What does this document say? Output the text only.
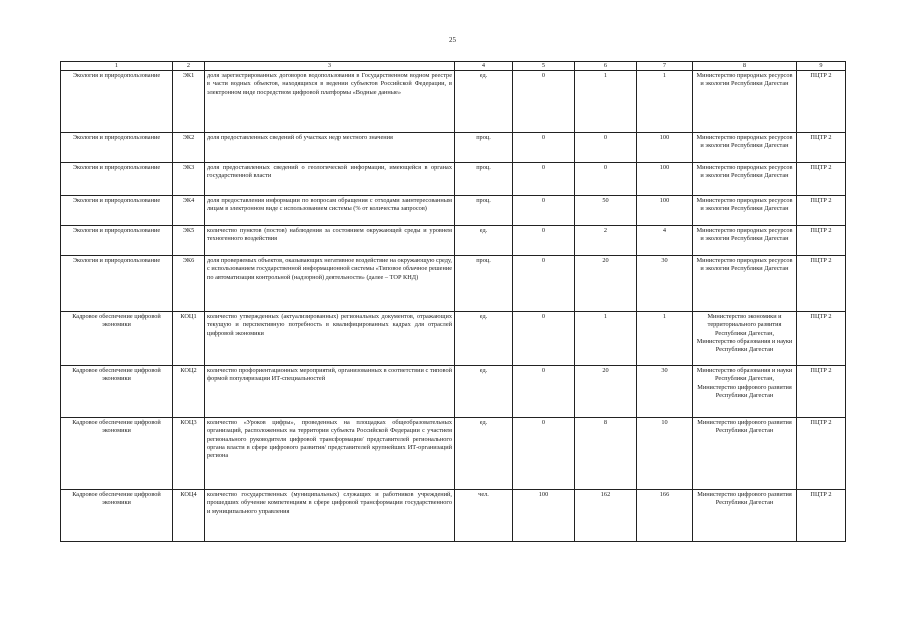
25
1	2	3	4	5	6	7	8	9
Экология и природопользование	ЭК1	доля зарегистрированных договоров водопользования в Государственном водном реестре в части водных объектов, находящихся в ведении субъектов Российской Федерации, в электронном виде посредством цифровой платформы «Водные данные»	ед.	0	1	1	Министерство природных ресурсов и экологии Республики Дагестан	ПЦТР 2
Экология и природопользование	ЭК2	доля предоставленных сведений об участках недр местного значения	проц.	0	0	100	Министерство природных ресурсов и экологии Республики Дагестан	ПЦТР 2
Экология и природопользование	ЭК3	доля предоставленных сведений о геологической информации, имеющейся в органах государственной власти	проц.	0	0	100	Министерство природных ресурсов и экологии Республики Дагестан	ПЦТР 2
Экология и природопользование	ЭК4	доля предоставления информации по вопросам обращения с отходами заинтересованным лицам в электронном виде с использованием системы (% от количества запросов)	проц.	0	50	100	Министерство природных ресурсов и экологии Республики Дагестан	ПЦТР 2
Экология и природопользование	ЭК5	количество пунктов (постов) наблюдения за состоянием окружающей среды и уровнем техногенного воздействия	ед.	0	2	4	Министерство природных ресурсов и экологии Республики Дагестан	ПЦТР 2
Экология и природопользование	ЭК6	доля проверяемых объектов, оказывающих негативное воздействие на окружающую среду, с использованием государственной информационной системы «Типовое облачное решение по автоматизации контрольной (надзорной) деятельности» (далее – ТОР КНД)	проц.	0	20	30	Министерство природных ресурсов и экологии Республики Дагестан	ПЦТР 2
Кадровое обеспечение цифровой экономики	КОЦ1	количество утвержденных (актуализированных) региональных документов, отражающих текущую и перспективную потребность в квалифицированных кадрах для отраслей цифровой экономики	ед.	0	1	1	Министерство экономики и территориального развития Республики Дагестан, Министерство образования и науки Республики Дагестан	ПЦТР 2
Кадровое обеспечение цифровой экономики	КОЦ2	количество профориентационных мероприятий, организованных в соответствии с типовой формой популяризации ИТ-специальностей	ед.	0	20	30	Министерство образования и науки Республики Дагестан, Министерство цифрового развития Республики Дагестан	ПЦТР 2
Кадровое обеспечение цифровой экономики	КОЦ3	количество «Уроков цифры», проведенных на площадках общеобразовательных организаций, расположенных на территории субъекта Российской Федерации с участием регионального руководителя цифровой трансформации/ представителей регионального органа власти в сфере цифрового развития/ представителей крупнейших ИТ-организаций региона	ед.	0	8	10	Министерство цифрового развития Республики Дагестан	ПЦТР 2
Кадровое обеспечение цифровой экономики	КОЦ4	количество государственных (муниципальных) служащих и работников учреждений, прошедших обучение компетенциям в сфере цифровой трансформации государственного и муниципального управления	чел.	100	162	166	Министерство цифрового развития Республики Дагестан	ПЦТР 2
